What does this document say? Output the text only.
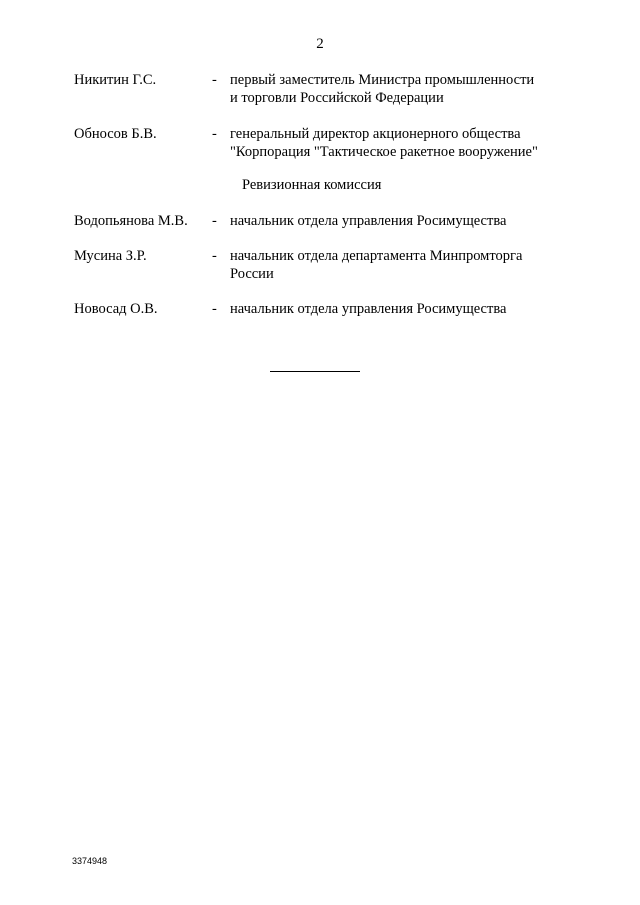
2
Никитин Г.С.	- первый заместитель Министра промышленности
и торговли Российской Федерации
Обносов Б.В.	- генеральный директор акционерного общества
"Корпорация "Тактическое ракетное вооружение"
Ревизионная комиссия
Водопьянова М.В. - начальник отдела управления Росимущества
Мусина З.Р.	- начальник отдела департамента Минпромторга
России
Новосад О.В.	- начальник отдела управления Росимущества
3374948
